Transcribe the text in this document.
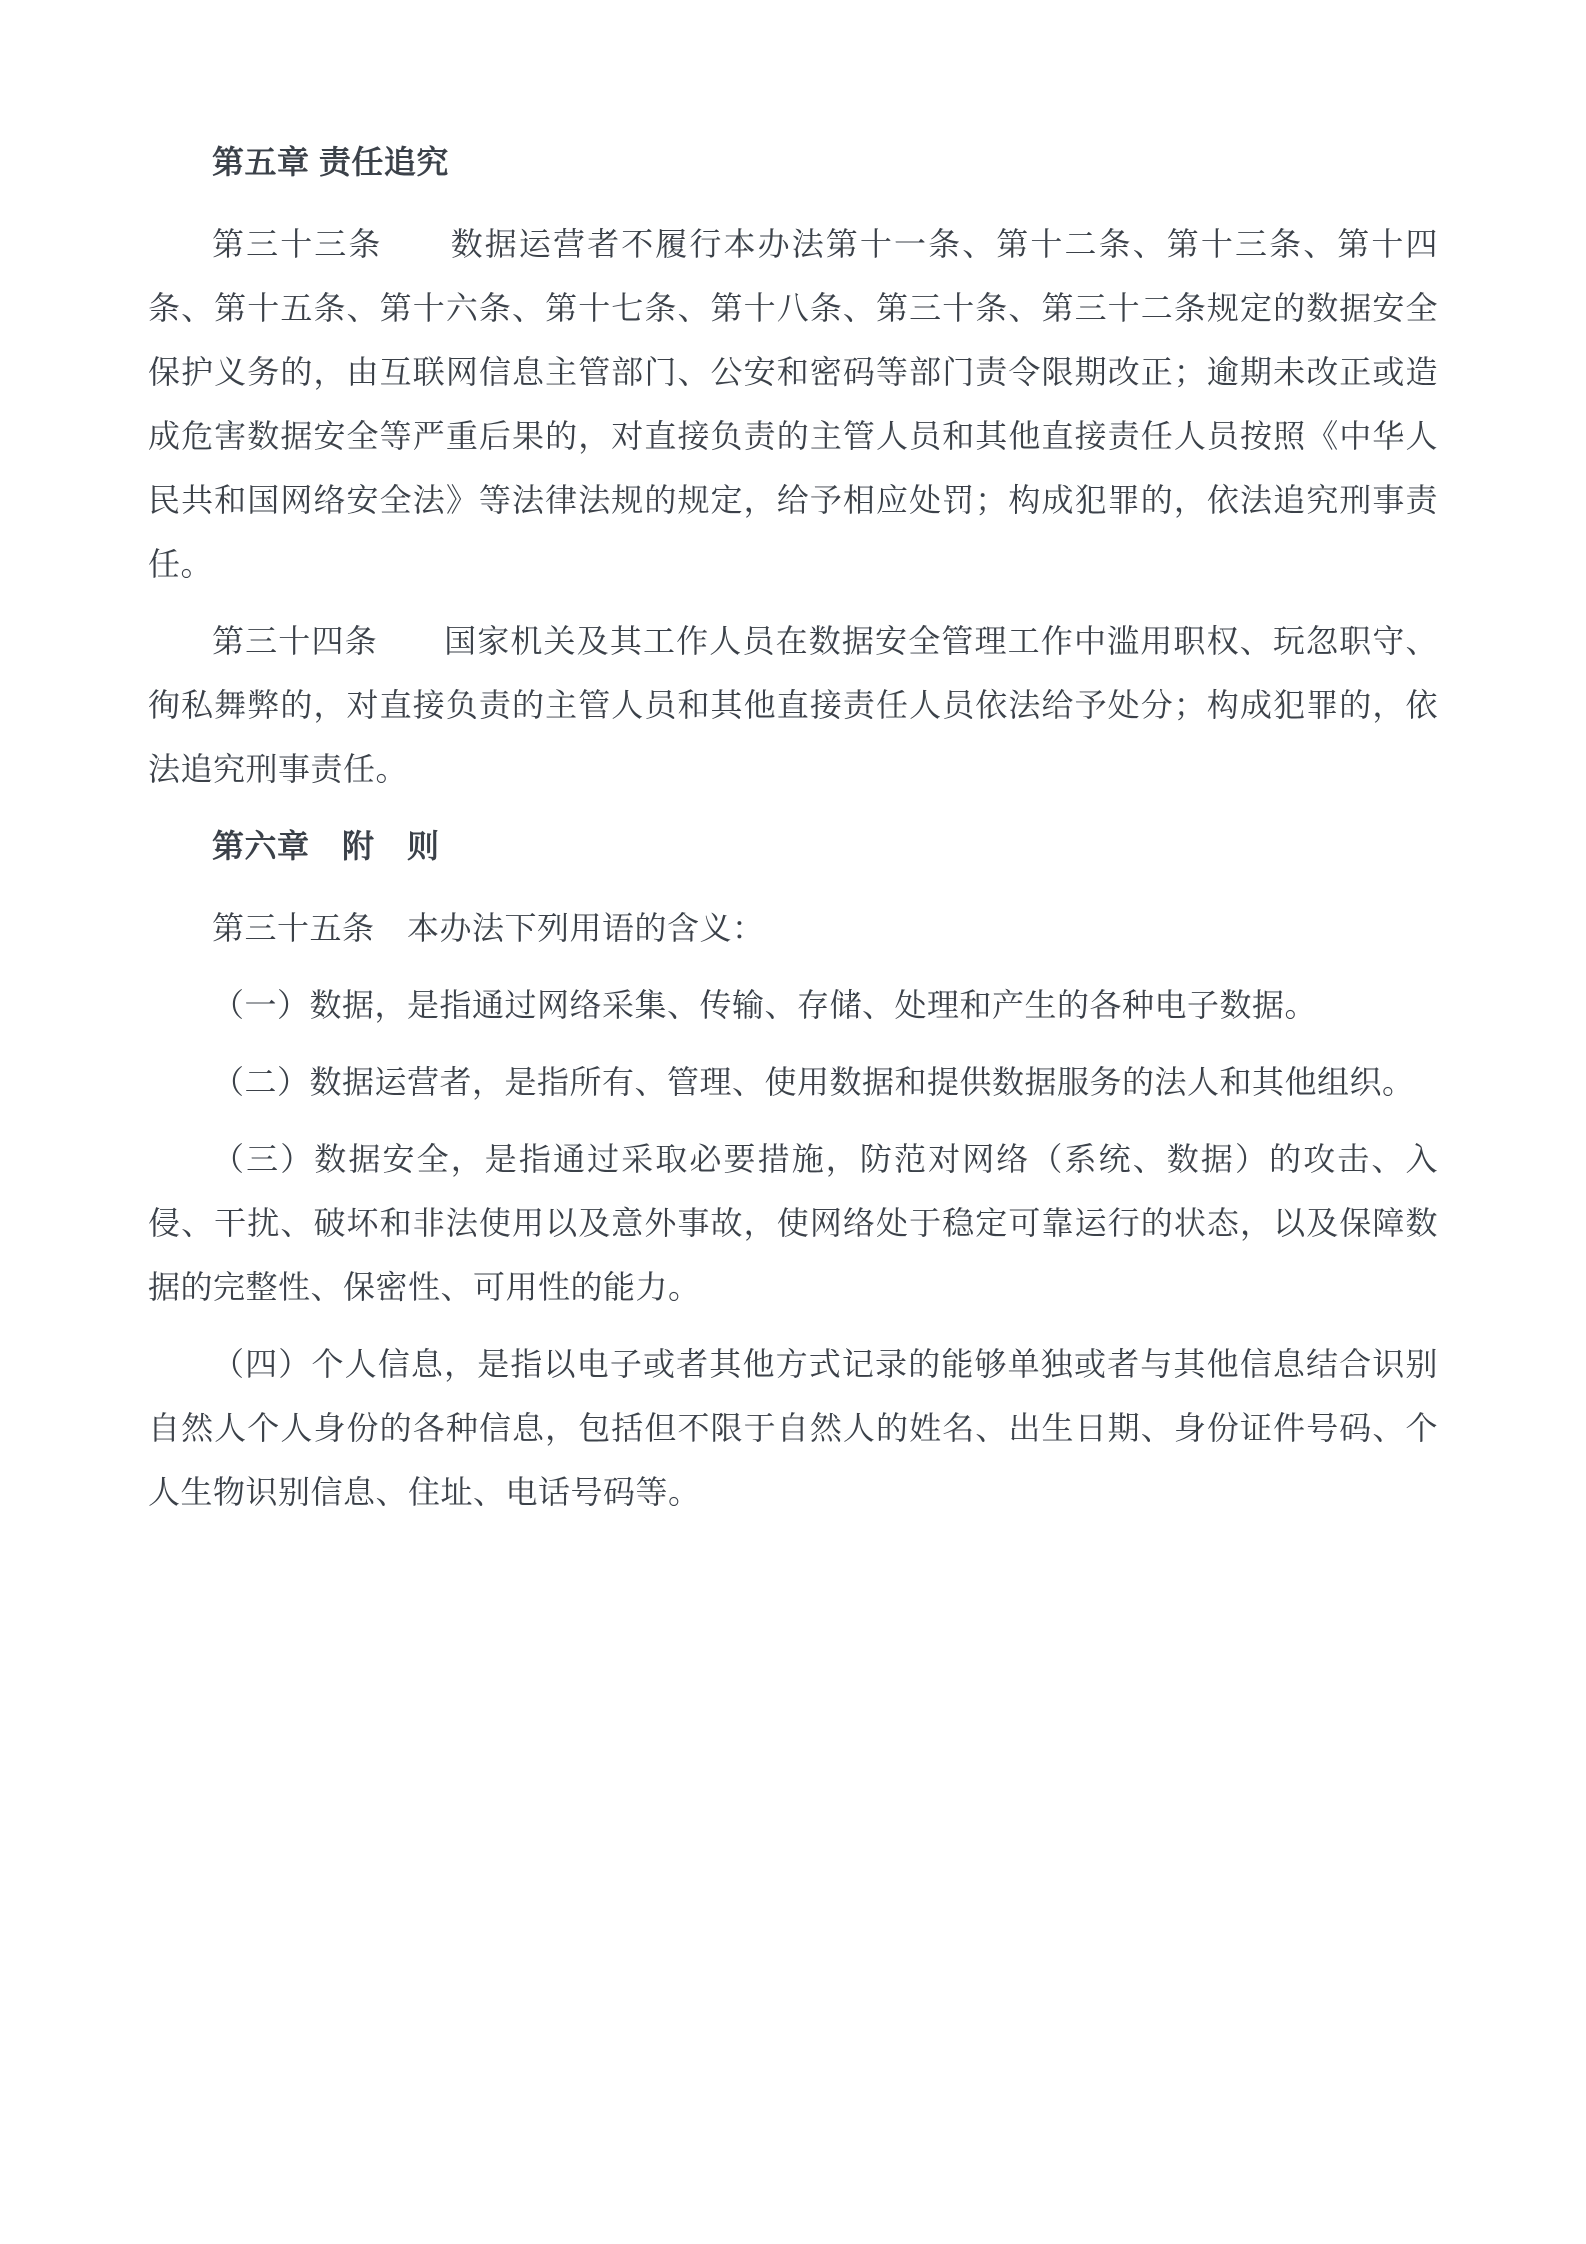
第五章 责任追究
第三十三条　　数据运营者不履行本办法第十一条、第十二条、第十三条、第十四条、第十五条、第十六条、第十七条、第十八条、第三十条、第三十二条规定的数据安全保护义务的，由互联网信息主管部门、公安和密码等部门责令限期改正；逾期未改正或造成危害数据安全等严重后果的，对直接负责的主管人员和其他直接责任人员按照《中华人民共和国网络安全法》等法律法规的规定，给予相应处罚；构成犯罪的，依法追究刑事责任。
第三十四条　　国家机关及其工作人员在数据安全管理工作中滥用职权、玩忽职守、徇私舞弊的，对直接负责的主管人员和其他直接责任人员依法给予处分；构成犯罪的，依法追究刑事责任。
第六章　附　则
第三十五条　本办法下列用语的含义：
（一）数据，是指通过网络采集、传输、存储、处理和产生的各种电子数据。
（二）数据运营者，是指所有、管理、使用数据和提供数据服务的法人和其他组织。
（三）数据安全，是指通过采取必要措施，防范对网络（系统、数据）的攻击、入侵、干扰、破坏和非法使用以及意外事故，使网络处于稳定可靠运行的状态，以及保障数据的完整性、保密性、可用性的能力。
（四）个人信息，是指以电子或者其他方式记录的能够单独或者与其他信息结合识别自然人个人身份的各种信息，包括但不限于自然人的姓名、出生日期、身份证件号码、个人生物识别信息、住址、电话号码等。
